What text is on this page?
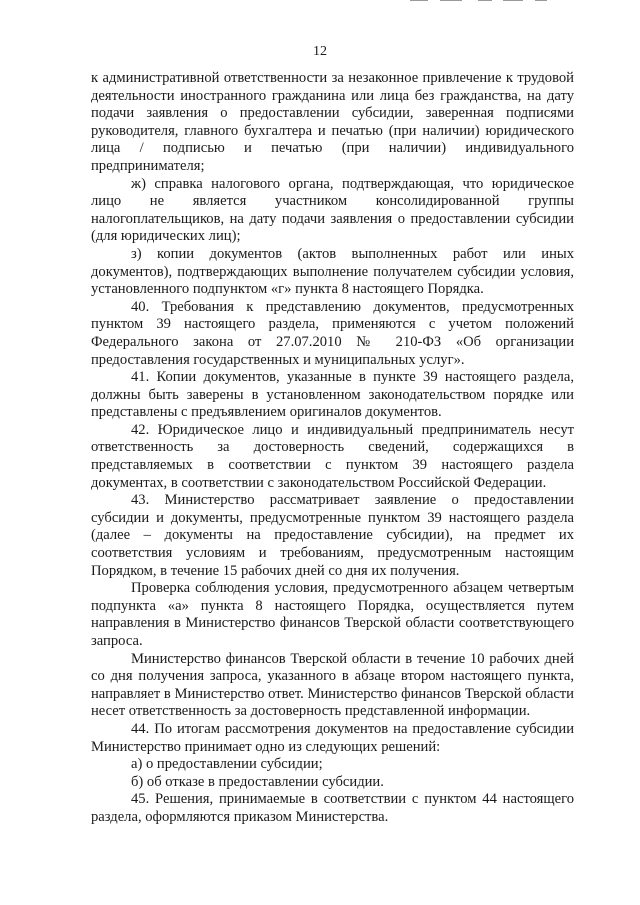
12

к административной ответственности за незаконное привлечение к трудовой деятельности иностранного гражданина или лица без гражданства, на дату подачи заявления о предоставлении субсидии, заверенная подписями руководителя, главного бухгалтера и печатью (при наличии) юридического лица / подписью и печатью (при наличии) индивидуального предпринимателя;

ж) справка налогового органа, подтверждающая, что юридическое лицо не является участником консолидированной группы налогоплательщиков, на дату подачи заявления о предоставлении субсидии (для юридических лиц);

з) копии документов (актов выполненных работ или иных документов), подтверждающих выполнение получателем субсидии условия, установленного подпунктом «г» пункта 8 настоящего Порядка.

40. Требования к представлению документов, предусмотренных пунктом 39 настоящего раздела, применяются с учетом положений Федерального закона от 27.07.2010 № 210-ФЗ «Об организации предоставления государственных и муниципальных услуг».

41. Копии документов, указанные в пункте 39 настоящего раздела, должны быть заверены в установленном законодательством порядке или представлены с предъявлением оригиналов документов.

42. Юридическое лицо и индивидуальный предприниматель несут ответственность за достоверность сведений, содержащихся в представляемых в соответствии с пунктом 39 настоящего раздела документах, в соответствии с законодательством Российской Федерации.

43. Министерство рассматривает заявление о предоставлении субсидии и документы, предусмотренные пунктом 39 настоящего раздела (далее – документы на предоставление субсидии), на предмет их соответствия условиям и требованиям, предусмотренным настоящим Порядком, в течение 15 рабочих дней со дня их получения.

Проверка соблюдения условия, предусмотренного абзацем четвертым подпункта «а» пункта 8 настоящего Порядка, осуществляется путем направления в Министерство финансов Тверской области соответствующего запроса.

Министерство финансов Тверской области в течение 10 рабочих дней со дня получения запроса, указанного в абзаце втором настоящего пункта, направляет в Министерство ответ. Министерство финансов Тверской области несет ответственность за достоверность представленной информации.

44. По итогам рассмотрения документов на предоставление субсидии Министерство принимает одно из следующих решений:

а) о предоставлении субсидии;

б) об отказе в предоставлении субсидии.

45. Решения, принимаемые в соответствии с пунктом 44 настоящего раздела, оформляются приказом Министерства.
